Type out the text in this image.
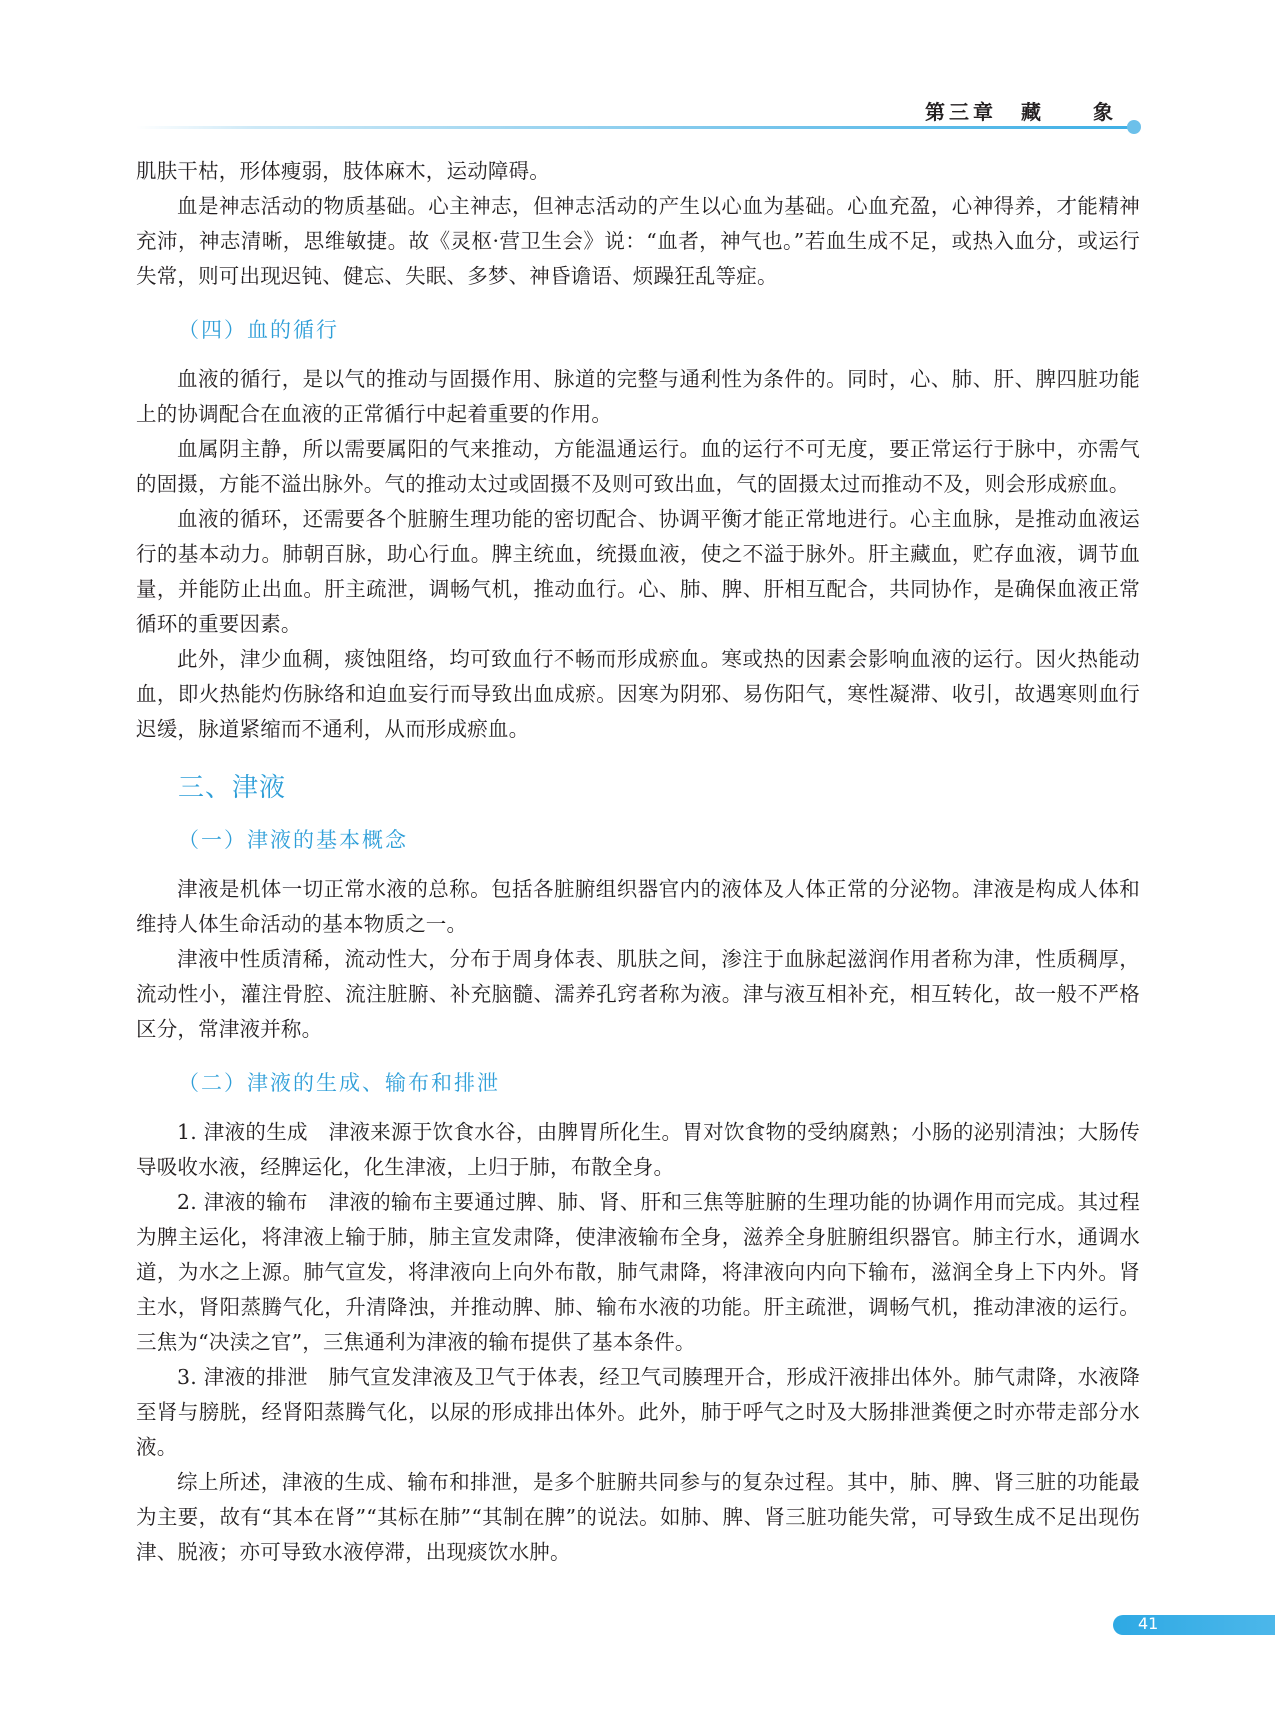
第三章　藏　　象

肌肤干枯，形体瘦弱，肢体麻木，运动障碍。

血是神志活动的物质基础。心主神志，但神志活动的产生以心血为基础。心血充盈，心神得养，才能精神充沛，神志清晰，思维敏捷。故《灵枢·营卫生会》说：“血者，神气也。”若血生成不足，或热入血分，或运行失常，则可出现迟钝、健忘、失眠、多梦、神昏谵语、烦躁狂乱等症。

（四）血的循行

血液的循行，是以气的推动与固摄作用、脉道的完整与通利性为条件的。同时，心、肺、肝、脾四脏功能上的协调配合在血液的正常循行中起着重要的作用。

血属阴主静，所以需要属阳的气来推动，方能温通运行。血的运行不可无度，要正常运行于脉中，亦需气的固摄，方能不溢出脉外。气的推动太过或固摄不及则可致出血，气的固摄太过而推动不及，则会形成瘀血。

血液的循环，还需要各个脏腑生理功能的密切配合、协调平衡才能正常地进行。心主血脉，是推动血液运行的基本动力。肺朝百脉，助心行血。脾主统血，统摄血液，使之不溢于脉外。肝主藏血，贮存血液，调节血量，并能防止出血。肝主疏泄，调畅气机，推动血行。心、肺、脾、肝相互配合，共同协作，是确保血液正常循环的重要因素。

此外，津少血稠，痰蚀阻络，均可致血行不畅而形成瘀血。寒或热的因素会影响血液的运行。因火热能动血，即火热能灼伤脉络和迫血妄行而导致出血成瘀。因寒为阴邪、易伤阳气，寒性凝滞、收引，故遇寒则血行迟缓，脉道紧缩而不通利，从而形成瘀血。

三、津液
（一）津液的基本概念

津液是机体一切正常水液的总称。包括各脏腑组织器官内的液体及人体正常的分泌物。津液是构成人体和维持人体生命活动的基本物质之一。

津液中性质清稀，流动性大，分布于周身体表、肌肤之间，渗注于血脉起滋润作用者称为津，性质稠厚，流动性小，灌注骨腔、流注脏腑、补充脑髓、濡养孔窍者称为液。津与液互相补充，相互转化，故一般不严格区分，常津液并称。

（二）津液的生成、输布和排泄

1. 津液的生成　津液来源于饮食水谷，由脾胃所化生。胃对饮食物的受纳腐熟；小肠的泌别清浊；大肠传导吸收水液，经脾运化，化生津液，上归于肺，布散全身。

2. 津液的输布　津液的输布主要通过脾、肺、肾、肝和三焦等脏腑的生理功能的协调作用而完成。其过程为脾主运化，将津液上输于肺，肺主宣发肃降，使津液输布全身，滋养全身脏腑组织器官。肺主行水，通调水道，为水之上源。肺气宣发，将津液向上向外布散，肺气肃降，将津液向内向下输布，滋润全身上下内外。肾主水，肾阳蒸腾气化，升清降浊，并推动脾、肺、输布水液的功能。肝主疏泄，调畅气机，推动津液的运行。三焦为“决渎之官”，三焦通利为津液的输布提供了基本条件。

3. 津液的排泄　肺气宣发津液及卫气于体表，经卫气司腠理开合，形成汗液排出体外。肺气肃降，水液降至肾与膀胱，经肾阳蒸腾气化，以尿的形成排出体外。此外，肺于呼气之时及大肠排泄粪便之时亦带走部分水液。

综上所述，津液的生成、输布和排泄，是多个脏腑共同参与的复杂过程。其中，肺、脾、肾三脏的功能最为主要，故有“其本在肾”“其标在肺”“其制在脾”的说法。如肺、脾、肾三脏功能失常，可导致生成不足出现伤津、脱液；亦可导致水液停滞，出现痰饮水肿。

41
